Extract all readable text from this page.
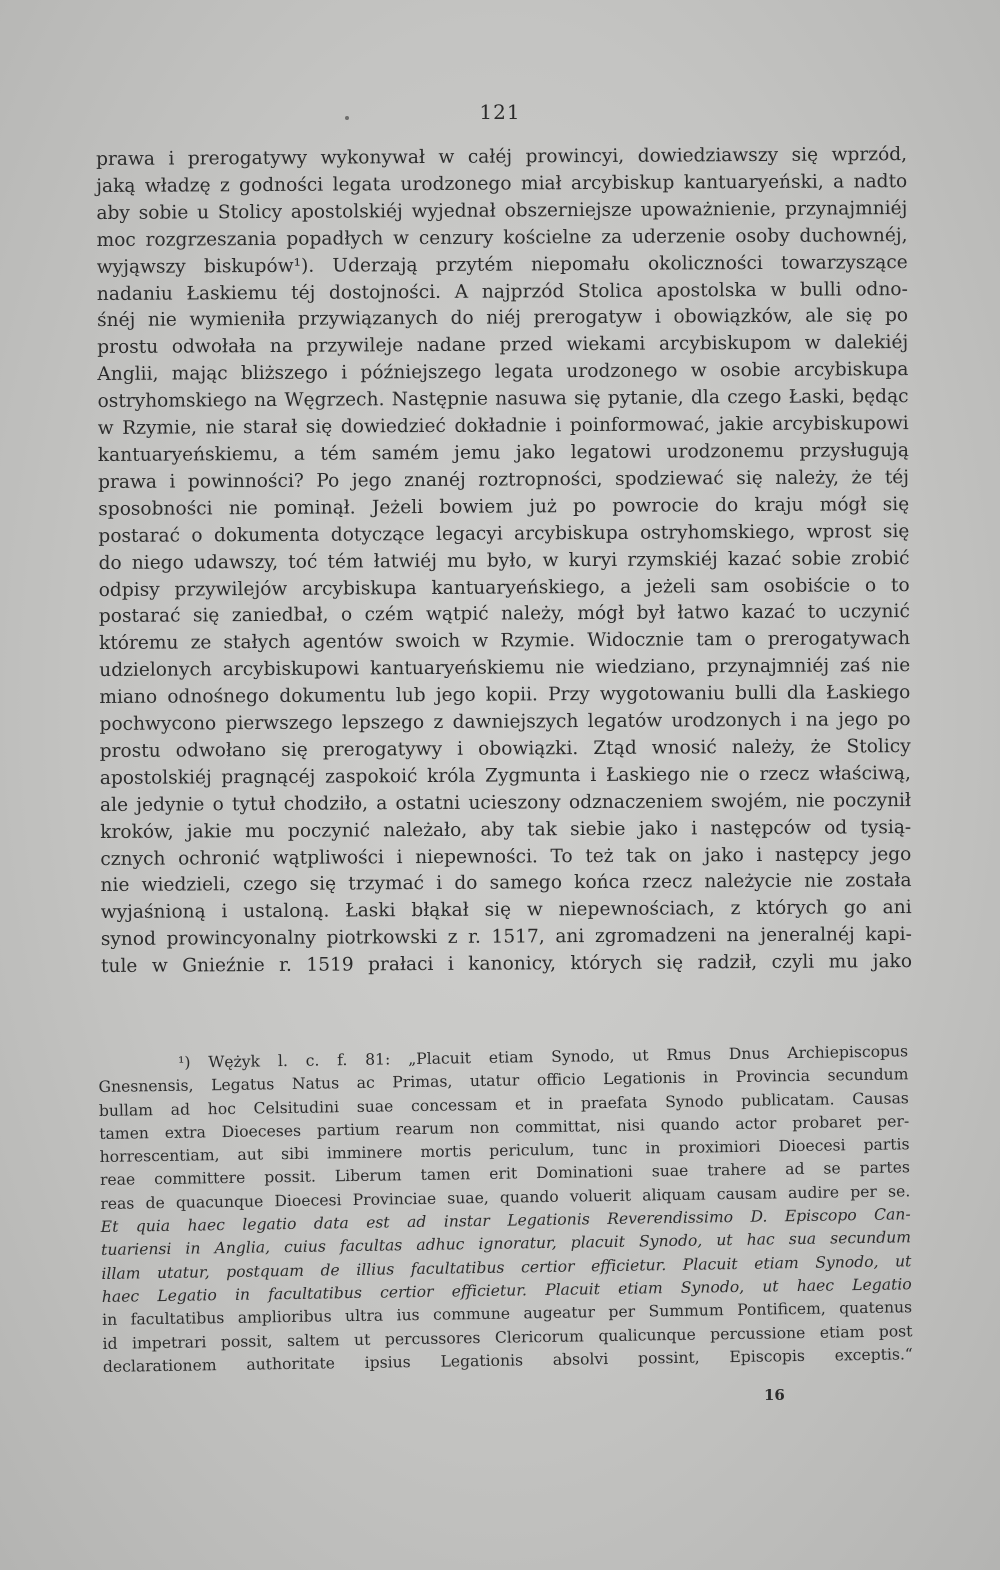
121
prawa i prerogatywy wykonywał w całéj prowincyi, dowiedziawszy się wprzód,
jaką władzę z godności legata urodzonego miał arcybiskup kantuaryeński, a nadto
aby sobie u Stolicy apostolskiéj wyjednał obszerniejsze upoważnienie, przynajmniéj
moc rozgrzeszania popadłych w cenzury kościelne za uderzenie osoby duchownéj,
wyjąwszy biskupów¹). Uderzają przytém niepomału okoliczności towarzyszące
nadaniu Łaskiemu téj dostojności. A najprzód Stolica apostolska w bulli odno-
śnéj nie wymieniła przywiązanych do niéj prerogatyw i obowiązków, ale się po
prostu odwołała na przywileje nadane przed wiekami arcybiskupom w dalekiéj
Anglii, mając bliższego i późniejszego legata urodzonego w osobie arcybiskupa
ostryhomskiego na Węgrzech. Następnie nasuwa się pytanie, dla czego Łaski, będąc
w Rzymie, nie starał się dowiedzieć dokładnie i poinformować, jakie arcybiskupowi
kantuaryeńskiemu, a tém samém jemu jako legatowi urodzonemu przysługują
prawa i powinności? Po jego znanéj roztropności, spodziewać się należy, że téj
sposobności nie pominął. Jeżeli bowiem już po powrocie do kraju mógł się
postarać o dokumenta dotyczące legacyi arcybiskupa ostryhomskiego, wprost się
do niego udawszy, toć tém łatwiéj mu było, w kuryi rzymskiéj kazać sobie zrobić
odpisy przywilejów arcybiskupa kantuaryeńskiego, a jeżeli sam osobiście o to
postarać się zaniedbał, o czém wątpić należy, mógł był łatwo kazać to uczynić
któremu ze stałych agentów swoich w Rzymie. Widocznie tam o prerogatywach
udzielonych arcybiskupowi kantuaryeńskiemu nie wiedziano, przynajmniéj zaś nie
miano odnośnego dokumentu lub jego kopii. Przy wygotowaniu bulli dla Łaskiego
pochwycono pierwszego lepszego z dawniejszych legatów urodzonych i na jego po
prostu odwołano się prerogatywy i obowiązki. Ztąd wnosić należy, że Stolicy
apostolskiéj pragnącéj zaspokoić króla Zygmunta i Łaskiego nie o rzecz właściwą,
ale jedynie o tytuł chodziło, a ostatni ucieszony odznaczeniem swojém, nie poczynił
kroków, jakie mu poczynić należało, aby tak siebie jako i następców od tysią-
cznych ochronić wątpliwości i niepewności. To też tak on jako i następcy jego
nie wiedzieli, czego się trzymać i do samego końca rzecz należycie nie została
wyjaśnioną i ustaloną. Łaski błąkał się w niepewnościach, z których go ani
synod prowincyonalny piotrkowski z r. 1517, ani zgromadzeni na jeneralnéj kapi-
tule w Gnieźnie r. 1519 prałaci i kanonicy, których się radził, czyli mu jako
¹) Wężyk l. c. f. 81: „Placuit etiam Synodo, ut Rmus Dnus Archiepiscopus
Gnesnensis, Legatus Natus ac Primas, utatur officio Legationis in Provincia secundum
bullam ad hoc Celsitudini suae concessam et in praefata Synodo publicatam. Causas
tamen extra Dioeceses partium rearum non committat, nisi quando actor probaret per-
horrescentiam, aut sibi imminere mortis periculum, tunc in proximiori Dioecesi partis
reae committere possit. Liberum tamen erit Dominationi suae trahere ad se partes
reas de quacunque Dioecesi Provinciae suae, quando voluerit aliquam causam audire per se.
Et quia haec legatio data est ad instar Legationis Reverendissimo D. Episcopo Can-
tuariensi in Anglia, cuius facultas adhuc ignoratur, placuit Synodo, ut hac sua secundum
illam utatur, postquam de illius facultatibus certior efficietur. Placuit etiam Synodo, ut
haec Legatio in facultatibus certior efficietur. Placuit etiam Synodo, ut haec Legatio
in facultatibus amplioribus ultra ius commune augeatur per Summum Pontificem, quatenus
id impetrari possit, saltem ut percussores Clericorum qualicunque percussione etiam post
declarationem authoritate ipsius Legationis absolvi possint, Episcopis exceptis.“
16
